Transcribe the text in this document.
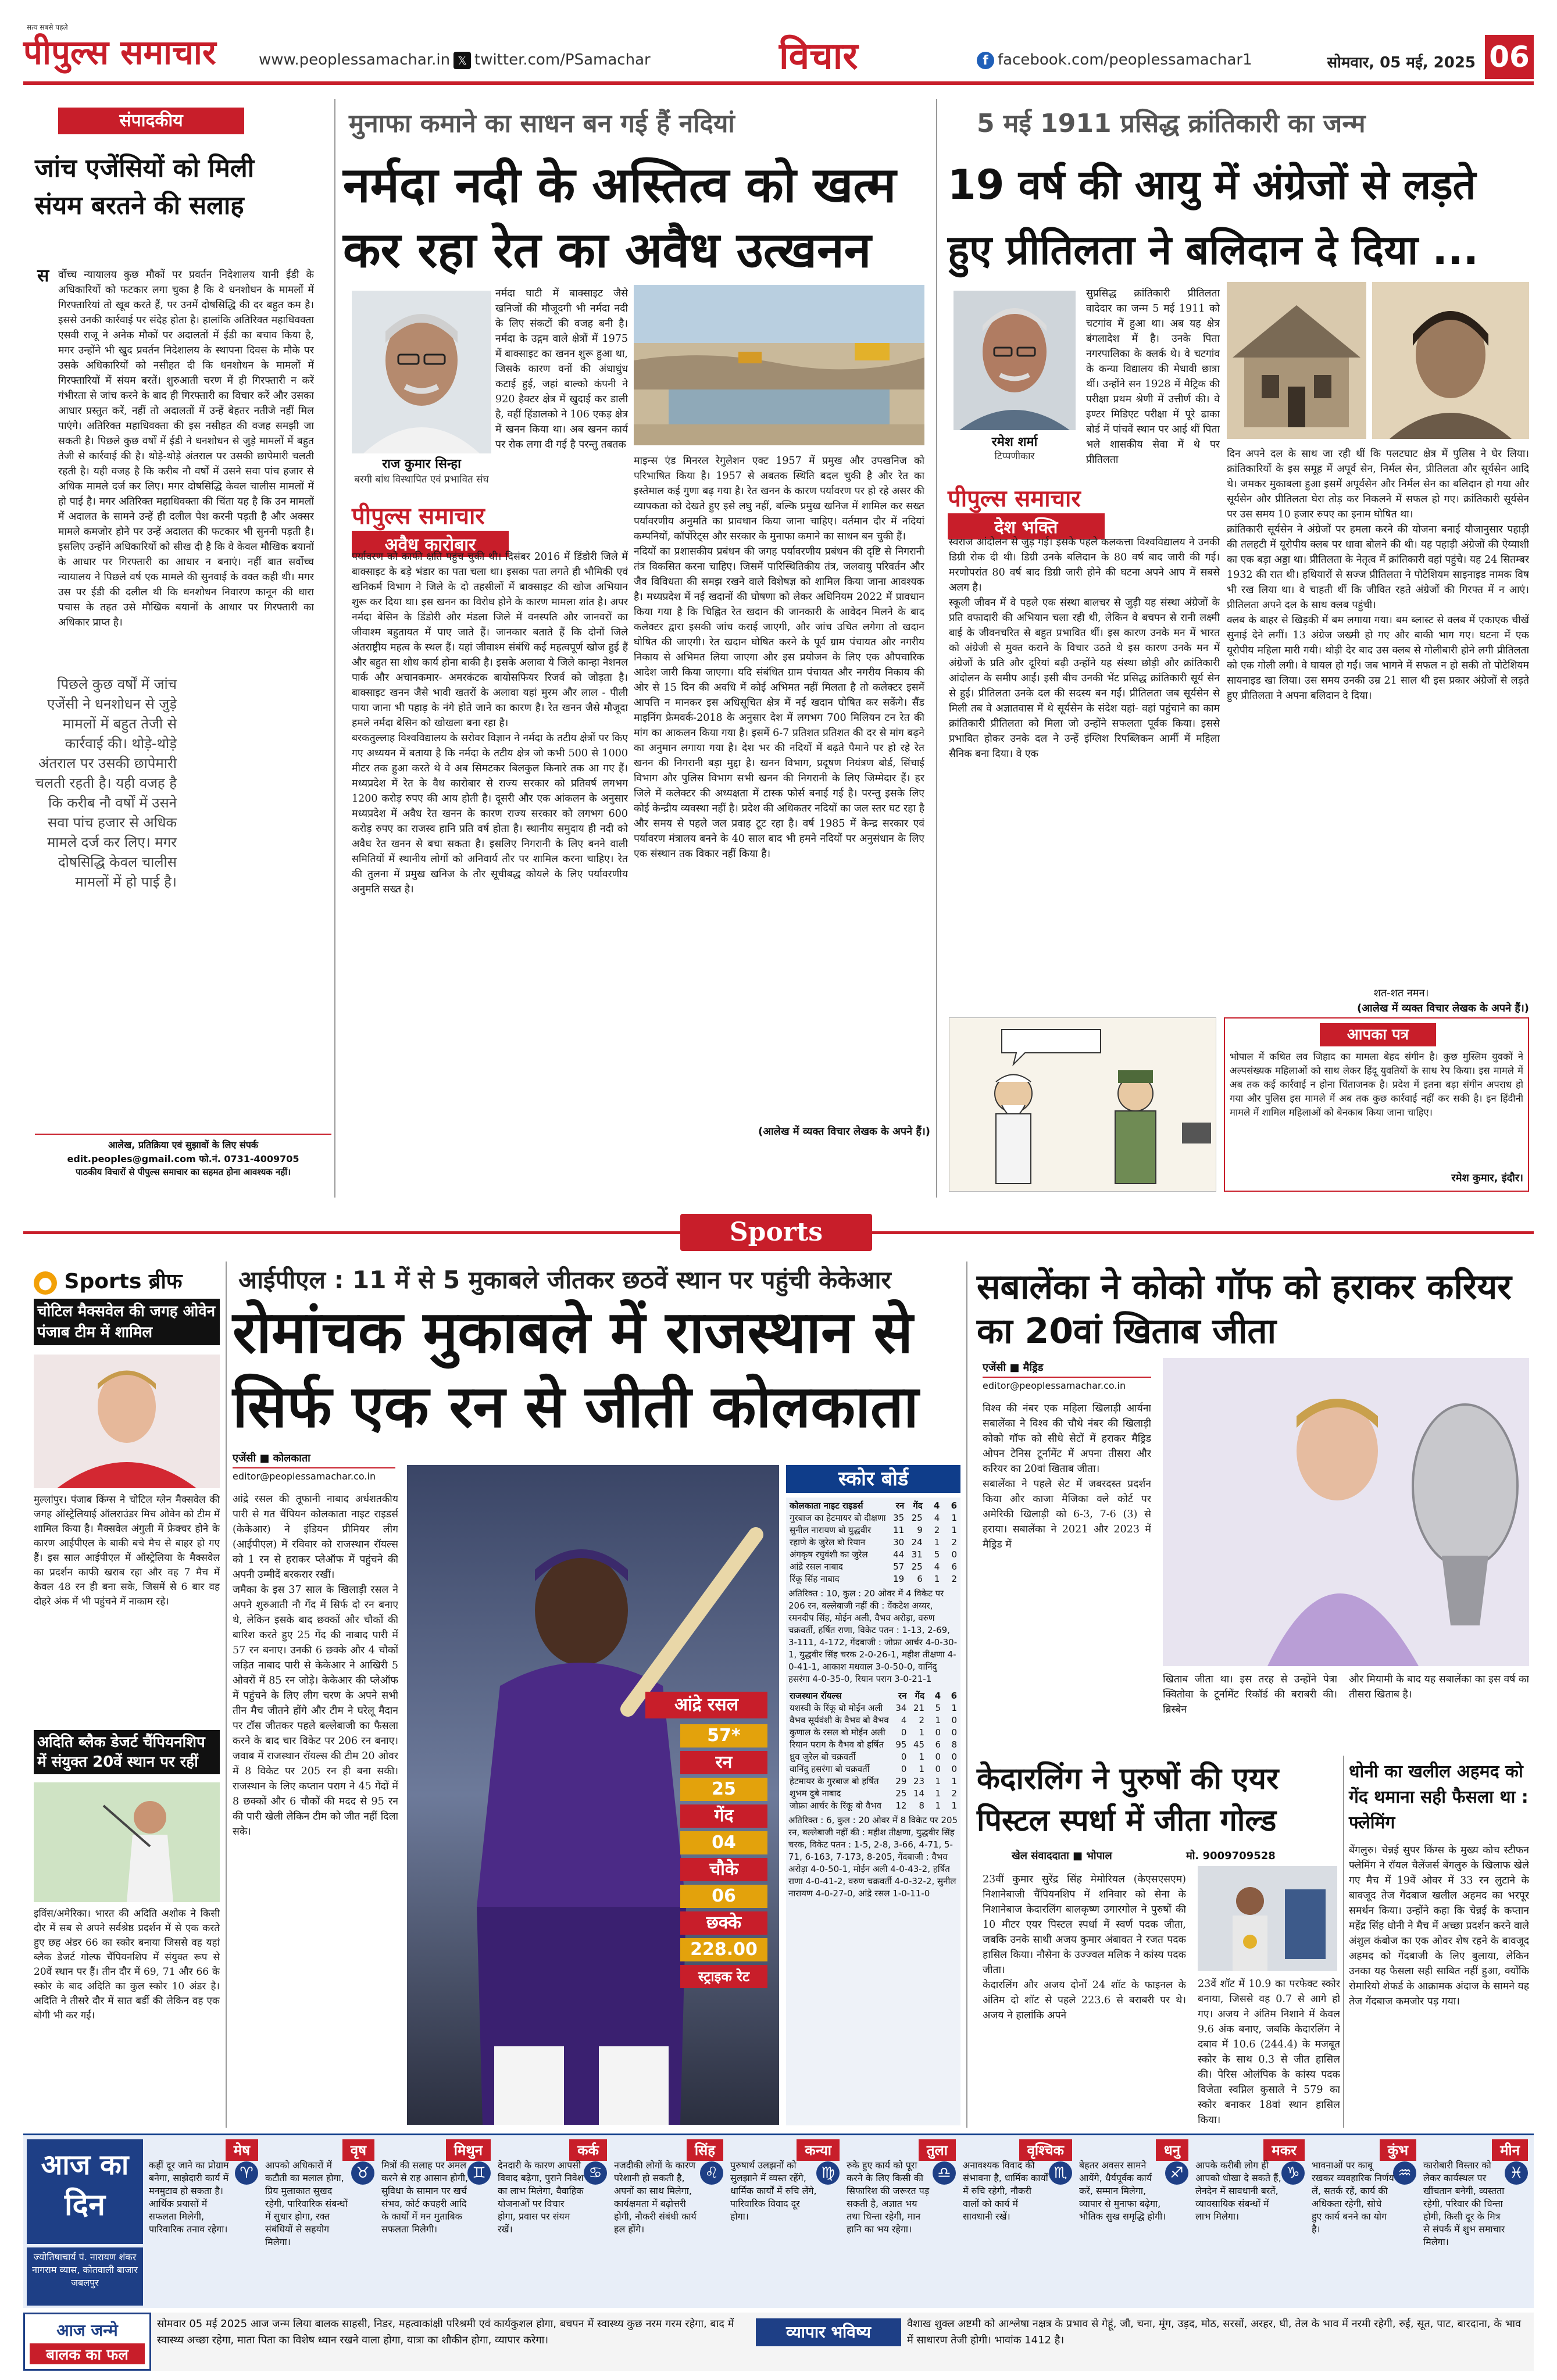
सत्य सबसे पहले
पीपुल्स समाचार	www.peoplessamachar.in 𝕏 twitter.com/PSamachar	विचार	f facebook.com/peoplessamachar1	सोमवार, 05 मई, 2025 06
संपादकीय
जांच एजेंसियों को मिली संयम बरतने की सलाह
स र्वोच्च न्यायालय कुछ मौकों पर प्रवर्तन निदेशालय यानी ईडी के अधिकारियों को फटकार लगा चुका है कि वे धनशोधन के मामलों में गिरफ्तारियां तो खूब करते हैं, पर उनमें दोषसिद्धि की दर बहुत कम है। इससे उनकी कार्रवाई पर संदेह होता है। हालांकि अतिरिक्त महाधिवक्ता एसवी राजू ने अनेक मौकों पर अदालतों में ईडी का बचाव किया है, मगर उन्होंने भी खुद प्रवर्तन निदेशालय के स्थापना दिवस के मौके पर उसके अधिकारियों को नसीहत दी कि धनशोधन के मामलों में गिरफ्तारियों में संयम बरतें। शुरुआती चरण में ही गिरफ्तारी न करें गंभीरता से जांच करने के बाद ही गिरफ्तारी का विचार करें और उसका आधार प्रस्तुत करें, नहीं तो अदालतों में उन्हें बेहतर नतीजे नहीं मिल पाएंगे। अतिरिक्त महाधिवक्ता की इस नसीहत की वजह समझी जा सकती है। पिछले कुछ वर्षों में ईडी ने धनशोधन से जुड़े मामलों में बहुत तेजी से कार्रवाई की है। थोड़े-थोड़े अंतराल पर उसकी छापेमारी चलती रहती है। यही वजह है कि करीब नौ वर्षों में उसने सवा पांच हजार से अधिक मामले दर्ज कर लिए। मगर दोषसिद्धि केवल चालीस मामलों में हो पाई है। मगर अतिरिक्त महाधिवक्ता की चिंता यह है कि उन मामलों में अदालत के सामने उन्हें ही दलील पेश करनी पड़ती है और अक्सर मामले कमजोर होने पर उन्हें अदालत की फटकार भी सुननी पड़ती है। इसलिए उन्होंने अधिकारियों को सीख दी है कि वे केवल मौखिक बयानों के आधार पर गिरफ्तारी का आधार न बनाएं। नहीं बात सर्वोच्च न्यायालय ने पिछले वर्ष एक मामले की सुनवाई के वक्त कही थी। मगर उस पर ईडी की दलील थी कि धनशोधन निवारण कानून की धारा पचास के तहत उसे मौखिक बयानों के आधार पर गिरफ्तारी का अधिकार प्राप्त है।
पिछले कुछ वर्षों में जांच एजेंसी ने धनशोधन से जुड़े मामलों में बहुत तेजी से कार्रवाई की। थोड़े-थोड़े अंतराल पर उसकी छापेमारी चलती रहती है। यही वजह है कि करीब नौ वर्षों में उसने सवा पांच हजार से अधिक मामले दर्ज कर लिए। मगर दोषसिद्धि केवल चालीस मामलों में हो पाई है।
आलेख, प्रतिक्रिया एवं सुझावों के लिए संपर्क
edit.peoples@gmail.com फो.नं. 0731-4009705
पाठकीय विचारों से पीपुल्स समाचार का सहमत होना आवश्यक नहीं।
मुनाफा कमाने का साधन बन गई हैं नदियां
नर्मदा नदी के अस्तित्व को खत्म कर रहा रेत का अवैध उत्खनन
राज कुमार सिन्हा
बरगी बांध विस्थापित एवं प्रभावित संघ
पीपुल्स समाचार
अवैध कारोबार
नर्मदा घाटी में बाक्साइट जैसे खनिजों की मौजूदगी भी नर्मदा नदी के लिए संकटों की वजह बनी है। नर्मदा के उद्गम वाले क्षेत्रों में 1975 में बाक्साइट का खनन शुरू हुआ था, जिसके कारण वनों की अंधाधुंध कटाई हुई, जहां बाल्को कंपनी ने 920 हैक्टर क्षेत्र में खुदाई कर डाली है, वहीं हिंडालको ने 106 एकड़ क्षेत्र में खनन किया था। अब खनन कार्य पर रोक लगा दी गई है परन्तु तबतक
पर्यावरण को काफी क्षति पहुंच चुकी थी। दिसंबर 2016 में डिंडोरी जिले में बाक्साइट के बड़े भंडार का पता चला था। इसका पता लगते ही भौमिकी एवं खनिकर्म विभाग ने जिले के दो तहसीलों में बाक्साइट की खोज अभियान शुरू कर दिया था। इस खनन का विरोध होने के कारण मामला शांत है। अपर नर्मदा बेसिन के डिंडोरी और मंडला जिले में वनस्पति और जानवरों का जीवाश्म बहुतायत में पाए जाते हैं। जानकार बताते हैं कि दोनों जिले अंतराष्ट्रीय महत्व के स्थल हैं। यहां जीवाश्म संबंधि कई महत्वपूर्ण खोज हुई हैं और बहुत सा शोध कार्य होना बाकी है। इसके अलावा ये जिले कान्हा नेशनल पार्क और अचानकमार- अमरकंटक बायोसफियर रिजर्व को जोड़ता है। बाक्साइट खनन जैसे भावी खतरों के अलावा यहां मुरम और लाल - पीली पाया जाना भी पहाड़ के नंगे होते जाने का कारण है। रेत खनन जैसे मौजूदा हमले नर्मदा बेसिन को खोखला बना रहा है।
बरकतुल्लाह विश्वविद्यालय के सरोवर विज्ञान ने नर्मदा के तटीय क्षेत्रों पर किए गए अध्ययन में बताया है कि नर्मदा के तटीय क्षेत्र जो कभी 500 से 1000 मीटर तक हुआ करते थे वे अब सिमटकर बिलकुल किनारे तक आ गए हैं। मध्यप्रदेश में रेत के वैध कारोबार से राज्य सरकार को प्रतिवर्ष लगभग 1200 करोड़ रुपए की आय होती है। दूसरी और एक आंकलन के अनुसार मध्यप्रदेश में अवैध रेत खनन के कारण राज्य सरकार को लगभग 600 करोड़ रुपए का राजस्व हानि प्रति वर्ष होता है। स्थानीय समुदाय ही नदी को अवैध रेत खनन से बचा सकता है। इसलिए निगरानी के लिए बनने वाली समितियों में स्थानीय लोगों को अनिवार्य तौर पर शामिल करना चाहिए। रेत की तुलना में प्रमुख खनिज के तौर सूचीबद्ध कोयले के लिए पर्यावरणीय अनुमति सख्त है।
माइन्स एंड मिनरल रेगुलेशन एक्ट 1957 में प्रमुख और उपखनिज को परिभाषित किया है। 1957 से अबतक स्थिति बदल चुकी है और रेत का इस्तेमाल कई गुणा बढ़ गया है। रेत खनन के कारण पर्यावरण पर हो रहे असर की व्यापकता को देखते हुए इसे लघु नहीं, बल्कि प्रमुख खनिज में शामिल कर सख्त पर्यावरणीय अनुमति का प्रावधान किया जाना चाहिए। वर्तमान दौर में नदियां कम्पनियों, कॉर्पोरेट्स और सरकार के मुनाफा कमाने का साधन बन चुकी हैं।
नदियों का प्रशासकीय प्रबंधन की जगह पर्यावरणीय प्रबंधन की दृष्टि से निगरानी तंत्र विकसित करना चाहिए। जिसमें पारिस्थितिकीय तंत्र, जलवायु परिवर्तन और जैव विविधता की समझ रखने वाले विशेषज्ञ को शामिल किया जाना आवश्यक है। मध्यप्रदेश में नई खदानों की घोषणा को लेकर अधिनियम 2022 में प्रावधान किया गया है कि चिह्नित रेत खदान की जानकारी के आवेदन मिलने के बाद कलेक्टर द्वारा इसकी जांच कराई जाएगी, और जांच उचित लगेगा तो खदान घोषित की जाएगी। रेत खदान घोषित करने के पूर्व ग्राम पंचायत और नगरीय निकाय से अभिमत लिया जाएगा और इस प्रयोजन के लिए एक औपचारिक आदेश जारी किया जाएगा। यदि संबंधित ग्राम पंचायत और नगरीय निकाय की ओर से 15 दिन की अवधि में कोई अभिमत नहीं मिलता है तो कलेक्टर इसमें आपत्ति न मानकर इस अधिसूचित क्षेत्र में नई खदान घोषित कर सकेंगे। सैंड माइनिंग फ्रेमवर्क-2018 के अनुसार देश में लगभग 700 मिलियन टन रेत की मांग का आकलन किया गया है। इसमें 6-7 प्रतिशत प्रतिशत की दर से मांग बढ़ने का अनुमान लगाया गया है। देश भर की नदियों में बढ़ते पैमाने पर हो रहे रेत खनन की निगरानी बड़ा मुद्दा है। खनन विभाग, प्रदूषण नियंत्रण बोर्ड, सिंचाई विभाग और पुलिस विभाग सभी खनन की निगरानी के लिए जिम्मेदार हैं। हर जिले में कलेक्टर की अध्यक्षता में टास्क फोर्स बनाई गई है। परन्तु इसके लिए कोई केन्द्रीय व्यवस्था नहीं है। प्रदेश की अधिकतर नदियों का जल स्तर घट रहा है और समय से पहले जल प्रवाह टूट रहा है। वर्ष 1985 में केन्द्र सरकार एवं पर्यावरण मंत्रालय बनने के 40 साल बाद भी हमने नदियों पर अनुसंधान के लिए एक संस्थान तक विकार नहीं किया है।
(आलेख में व्यक्त विचार लेखक के अपने हैं।)
5 मई 1911 प्रसिद्ध क्रांतिकारी का जन्म
19 वर्ष की आयु में अंग्रेजों से लड़ते हुए प्रीतिलता ने बलिदान दे दिया ...
रमेश शर्मा
टिप्पणीकार
पीपुल्स समाचार
देश भक्ति
सुप्रसिद्ध क्रांतिकारी प्रीतिलता वादेदार का जन्म 5 मई 1911 को चटगांव में हुआ था। अब यह क्षेत्र बंगलादेश में है। उनके पिता नगरपालिका के क्लर्क थे। वे चटगांव के कन्या विद्यालय की मेधावी छात्रा थीं। उन्होंने सन 1928 में मैट्रिक की परीक्षा प्रथम श्रेणी में उत्तीर्ण की। वे इण्टर मिडिएट परीक्षा में पूरे ढाका बोर्ड में पांचवें स्थान पर आई थीं पिता भले शासकीय सेवा में थे पर प्रीतिलता
स्वराज आंदोलन से जुड़ गई। इसके पहले कलकत्ता विश्वविद्यालय ने उनकी डिग्री रोक दी थी। डिग्री उनके बलिदान के 80 वर्ष बाद जारी की गई। मरणोपरांत 80 वर्ष बाद डिग्री जारी होने की घटना अपने आप में सबसे अलग है।
स्कूली जीवन में वे पहले एक संस्था बालचर से जुड़ी यह संस्था अंग्रेजों के प्रति वफादारी की अभियान चला रही थी, लेकिन वे बचपन से रानी लक्ष्मी बाई के जीवनचरित से बहुत प्रभावित थीं। इस कारण उनके मन में भारत को अंग्रेजी से मुक्त कराने के विचार उठते थे इस कारण उनके मन में अंग्रेजों के प्रति और दूरियां बढ़ी उन्होंने यह संस्था छोड़ी और क्रांतिकारी आंदोलन के समीप आईं। इसी बीच उनकी भेंट प्रसिद्ध क्रांतिकारी सूर्य सेन से हुई। प्रीतिलता उनके दल की सदस्य बन गईं। प्रीतिलता जब सूर्यसेन से मिली तब वे अज्ञातवास में थे सूर्यसेन के संदेश यहां- वहां पहुंचाने का काम क्रांतिकारी प्रीतिलता को मिला जो उन्होंने सफलता पूर्वक किया। इससे प्रभावित होकर उनके दल ने उन्हें इंग्लिश रिपब्लिकन आर्मी में महिला सैनिक बना दिया। वे एक
दिन अपने दल के साथ जा रही थीं कि पलटघाट क्षेत्र में पुलिस ने घेर लिया। क्रांतिकारियों के इस समूह में अपूर्व सेन, निर्मल सेन, प्रीतिलता और सूर्यसेन आदि थे। जमकर मुकाबला हुआ इसमें अपूर्वसेन और निर्मल सेन का बलिदान हो गया और सूर्यसेन और प्रीतिलता घेरा तोड़ कर निकलने में सफल हो गए। क्रांतिकारी सूर्यसेन पर उस समय 10 हजार रुपए का इनाम घोषित था।
क्रांतिकारी सूर्यसेन ने अंग्रेजों पर हमला करने की योजना बनाई यौजानुसार पहाड़ी की तलहटी में यूरोपीय क्लब पर धावा बोलने की थी। यह पहाड़ी अंग्रेजों की ऐय्याशी का एक बड़ा अड्डा था। प्रीतिलता के नेतृत्व में क्रांतिकारी वहां पहुंचे। यह 24 सितम्बर 1932 की रात थी। हथियारों से सज्ज प्रीतिलता ने पोटेशियम साइनाइड नामक विष भी रख लिया था। वे चाहती थीं कि जीवित रहते अंग्रेजों की गिरफ्त में न आएं। प्रीतिलता अपने दल के साथ क्लब पहुंची।
क्लब के बाहर से खिड़की में बम लगाया गया। बम ब्लास्ट से क्लब में एकाएक चीखें सुनाई देने लगीं। 13 अंग्रेज जख्मी हो गए और बाकी भाग गए। घटना में एक यूरोपीय महिला मारी गयी। थोड़ी देर बाद उस क्लब से गोलीबारी होने लगी प्रीतिलता को एक गोली लगी। वे घायल हो गईं। जब भागने में सफल न हो सकी तो पोटेशियम सायनाइड खा लिया। उस समय उनकी उम्र 21 साल थी इस प्रकार अंग्रेजों से लड़ते हुए प्रीतिलता ने अपना बलिदान दे दिया।
शत-शत नमन।
(आलेख में व्यक्त विचार लेखक के अपने हैं।)
आपका पत्र
भोपाल में कथित लव जिहाद का मामला बेहद संगीन है। कुछ मुस्लिम युवकों ने अल्पसंख्यक महिलाओं को साथ लेकर हिंदू युवतियों के साथ रेप किया। इस मामले में अब तक कई कार्रवाई न होना चिंताजनक है। प्रदेश में इतना बड़ा संगीन अपराध हो गया और पुलिस इस मामले में अब तक कुछ कार्रवाई नहीं कर सकी है। इन हिंदीनी मामले में शामिल महिलाओं को बेनकाब किया जाना चाहिए।
रमेश कुमार, इंदौर।
Sports
● Sports ब्रीफ
चोटिल मैक्सवेल की जगह ओवेन पंजाब टीम में शामिल
मुल्लांपुर। पंजाब किंग्स ने चोटिल ग्लेन मैक्सवेल की जगह ऑस्ट्रेलियाई ऑलराउंडर मिच ओवेन को टीम में शामिल किया है। मैक्सवेल अंगुली में फ्रेक्चर होने के कारण आईपीएल के बाकी बचे मैच से बाहर हो गए हैं। इस साल आईपीएल में ऑस्ट्रेलिया के मैक्सवेल का प्रदर्शन काफी खराब रहा और वह 7 मैच में केवल 48 रन ही बना सके, जिसमें से 6 बार वह दोहरे अंक में भी पहुंचने में नाकाम रहे।
अदिति ब्लैक डेजर्ट चैंपियनशिप में संयुक्त 20वें स्थान पर रहीं
इविंस/अमेरिका। भारत की अदिति अशोक ने किसी दौर में सब से अपने सर्वश्रेष्ठ प्रदर्शन में से एक करते हुए छह अंडर 66 का स्कोर बनाया जिससे वह यहां ब्लैक डेजर्ट गोल्फ चैंपियनशिप में संयुक्त रूप से 20वें स्थान पर हैं। तीन दौर में 69, 71 और 66 के स्कोर के बाद अदिति का कुल स्कोर 10 अंडर है। अदिति ने तीसरे दौर में सात बर्डी की लेकिन वह एक बोगी भी कर गईं।
आईपीएल : 11 में से 5 मुकाबले जीतकर छठवें स्थान पर पहुंची केकेआर
रोमांचक मुकाबले में राजस्थान से सिर्फ एक रन से जीती कोलकाता
एजेंसी ■ कोलकाता
editor@peoplessamachar.co.in
आंद्रे रसल की तूफानी नाबाद अर्धशतकीय पारी से गत चैंपियन कोलकाता नाइट राइडर्स (केकेआर) ने इंडियन प्रीमियर लीग (आईपीएल) में रविवार को राजस्थान रॉयल्स को 1 रन से हराकर प्लेऑफ में पहुंचने की अपनी उम्मीदें बरकरार रखीं।
जमैका के इस 37 साल के खिलाड़ी रसल ने अपने शुरुआती नौ गेंद में सिर्फ दो रन बनाए थे, लेकिन इसके बाद छक्कों और चौकों की बारिश करते हुए 25 गेंद की नाबाद पारी में 57 रन बनाए। उनकी 6 छक्के और 4 चौकों जड़ित नाबाद पारी से केकेआर ने आखिरी 5 ओवरों में 85 रन जोड़े। केकेआर की प्लेऑफ में पहुंचने के लिए लीग चरण के अपने सभी तीन मैच जीतने होंगे और टीम ने घरेलू मैदान पर टॉस जीतकर पहले बल्लेबाजी का फैसला करने के बाद चार विकेट पर 206 रन बनाए। जवाब में राजस्थान रॉयल्स की टीम 20 ओवर में 8 विकेट पर 205 रन ही बना सकी। राजस्थान के लिए कप्तान पराग ने 45 गेंदों में 8 छक्कों और 6 चौकों की मदद से 95 रन की पारी खेली लेकिन टीम को जीत नहीं दिला सके।
आंद्रे रसल
57*
रन
25
गेंद
04
चौके
06
छक्के
228.00
स्ट्राइक रेट
स्कोर बोर्ड
कोलकाता नाइट राइडर्स	रन	गेंद	4	6
गुरबाज का हेटमायर बो दीक्षणा	35	25	4	1
सुनील नारायण बो युद्धवीर	11	9	2	1
रहाणे के जुरेल बो रियान	30	24	1	2
अंगकृष रघुवंशी का जुरेल	44	31	5	0
आंद्रे रसल नाबाद	57	25	4	6
रिंकू सिंह नाबाद	19	6	1	2
अतिरिक्त : 10, कुल : 20 ओवर में 4 विकेट पर 206 रन, बल्लेबाजी नहीं की : वेंकटेश अय्यर, रमनदीप सिंह, मोईन अली, वैभव अरोड़ा, वरुण चक्रवर्ती, हर्षित राणा, विकेट पतन : 1-13, 2-69, 3-111, 4-172, गेंदबाजी : जोफ्रा आर्चर 4-0-30-1, युद्धवीर सिंह चरक 2-0-26-1, महीश तीक्षणा 4-0-41-1, आकाश मधवाल 3-0-50-0, वानिंदु हसरंगा 4-0-35-0, रियान पराग 3-0-21-1
राजस्थान रॉयल्स	रन	गेंद	4	6
यशस्वी के रिंकू बो मोईन अली	34	21	5	1
वैभव सूर्यवंशी के वैभव बो वैभव	4	2	1	0
कुणाल के रसल बो मोईन अली	0	1	0	0
रियान पराग के वैभव बो हर्षित	95	45	6	8
ध्रुव जुरेल बो चक्रवर्ती	0	1	0	0
वानिंदु हसरंगा बो चक्रवर्ती	0	1	0	0
हेटमायर के गुरबाज बो हर्षित	29	23	1	1
शुभम दुबे नाबाद	25	14	1	2
जोफ्रा आर्चर के रिंकू बो वैभव	12	8	1	1
अतिरिक्त : 6, कुल : 20 ओवर में 8 विकेट पर 205 रन, बल्लेबाजी नहीं की : महीश तीक्षणा, युद्धवीर सिंह चरक, विकेट पतन : 1-5, 2-8, 3-66, 4-71, 5-71, 6-163, 7-173, 8-205, गेंदबाजी : वैभव अरोड़ा 4-0-50-1, मोईन अली 4-0-43-2, हर्षित राणा 4-0-41-2, वरुण चक्रवर्ती 4-0-32-2, सुनील नारायण 4-0-27-0, आंद्रे रसल 1-0-11-0
सबालेंका ने कोको गॉफ को हराकर करियर का 20वां खिताब जीता
एजेंसी ■ मैड्रिड
editor@peoplessamachar.co.in
विश्व की नंबर एक महिला खिलाड़ी आर्यना सबालेंका ने विश्व की चौथे नंबर की खिलाड़ी कोको गॉफ को सीधे सेटों में हराकर मैड्रिड ओपन टेनिस टूर्नामेंट में अपना तीसरा और करियर का 20वां खिताब जीता।
सबालेंका ने पहले सेट में जबरदस्त प्रदर्शन किया और काजा मैजिका क्ले कोर्ट पर अमेरिकी खिलाड़ी को 6-3, 7-6 (3) से हराया। सबालेंका ने 2021 और 2023 में मैड्रिड में
खिताब जीता था। इस तरह से उन्होंने पेत्रा क्वितोवा के टूर्नामेंट रिकॉर्ड की बराबरी की। ब्रिस्बेन
और मियामी के बाद यह सबालेंका का इस वर्ष का तीसरा खिताब है।
केदारलिंग ने पुरुषों की एयर पिस्टल स्पर्धा में जीता गोल्ड
खेल संवाददाता ■ भोपाल	मो. 9009709528
23वीं कुमार सुरेंद्र सिंह मेमोरियल (केएसएसएम) निशानेबाजी चैंपियनशिप में शनिवार को सेना के निशानेबाज केदारलिंग बालकृष्ण उगारगोल ने पुरुषों की 10 मीटर एयर पिस्टल स्पर्धा में स्वर्ण पदक जीता, जबकि उनके साथी अजय कुमार अंबावत ने रजत पदक हासिल किया। नौसेना के उज्ज्वल मलिक ने कांस्य पदक जीता।
केदारलिंग और अजय दोनों 24 शॉट के फाइनल के अंतिम दो शॉट से पहले 223.6 से बराबरी पर थे। अजय ने हालांकि अपने
23वें शॉट में 10.9 का परफेक्ट स्कोर बनाया, जिससे वह 0.7 से आगे हो गए। अजय ने अंतिम निशाने में केवल 9.6 अंक बनाए, जबकि केदारलिंग ने दबाव में 10.6 (244.4) के मजबूत स्कोर के साथ 0.3 से जीत हासिल की। पेरिस ओलंपिक के कांस्य पदक विजेता स्वप्निल कुसाले ने 579 का स्कोर बनाकर 18वां स्थान हासिल किया।
धोनी का खलील अहमद को गेंद थमाना सही फैसला था : फ्लेमिंग
बेंगलुरु। चेन्नई सुपर किंग्स के मुख्य कोच स्टीफन फ्लेमिंग ने रॉयल चैलेंजर्स बेंगलुरु के खिलाफ खेले गए मैच में 19वें ओवर में 33 रन लुटाने के बावजूद तेज गेंदबाज खलील अहमद का भरपूर समर्थन किया। उन्होंने कहा कि चेन्नई के कप्तान महेंद्र सिंह धोनी ने मैच में अच्छा प्रदर्शन करने वाले अंशुल कंबोज का एक ओवर शेष रहने के बावजूद अहमद को गेंदबाजी के लिए बुलाया, लेकिन उनका यह फैसला सही साबित नहीं हुआ, क्योंकि रोमारियो शेफर्ड के आक्रामक अंदाज के सामने यह तेज गेंदबाज कमजोर पड़ गया।
आज का
दिन
ज्योतिषाचार्य पं. नारायण शंकर नागराम व्यास, कोतवाली बाजार जबलपुर
मेष
♈
कहीं दूर जाने का प्रोग्राम बनेगा, साझेदारी कार्य में मनमुटाव हो सकता है। आर्थिक प्रयासों में सफलता मिलेगी, पारिवारिक तनाव रहेगा।
वृष
♉
आपको अधिकारों में कटौती का मलाल होगा, प्रिय मुलाकात सुखद रहेगी, पारिवारिक संबन्धों में सुधार होगा, रक्त संबंधियों से सहयोग मिलेगा।
मिथुन
♊
मित्रों की सलाह पर अमल करने से राह आसान होगी, सुविधा के सामान पर खर्च संभव, कोर्ट कचहरी आदि के कार्यों में मन मुताबिक सफलता मिलेगी।
कर्क
♋
देनदारी के कारण आपसी विवाद बढ़ेगा, पुराने निवेश का लाभ मिलेगा, वैवाहिक योजनाओं पर विचार होगा, प्रवास पर संयम रखें।
सिंह
♌
नजदीकी लोगों के कारण परेशानी हो सकती है, अपनों का साथ मिलेगा, कार्यक्षमता में बढ़ोत्तरी होगी, नौकरी संबंधी कार्य हल होंगे।
कन्या
♍
पुरुषार्थ उलझनों को सुलझाने में व्यस्त रहेंगे, धार्मिक कार्यों में रुचि लेंगे, पारिवारिक विवाद दूर होगा।
तुला
♎
रुके हुए कार्य को पूरा करने के लिए किसी की सिफारिश की जरूरत पड़ सकती है, अज्ञात भय तथा चिन्ता रहेगी, मान हानि का भय रहेगा।
वृश्चिक
♏
अनावश्यक विवाद की संभावना है, धार्मिक कार्यों में रुचि रहेगी, नौकरी वालों को कार्य में सावधानी रखें।
धनु
♐
बेहतर अवसर सामने आयेंगे, धैर्यपूर्वक कार्य करें, सम्मान मिलेगा, व्यापार से मुनाफा बढ़ेगा, भौतिक सुख समृद्धि होगी।
मकर
♑
आपके करीबी लोग ही आपको धोखा दे सकते हैं, लेनदेन में सावधानी बरतें, व्यावसायिक संबन्धों में लाभ मिलेगा।
कुंभ
♒
भावनाओं पर काबू रखकर व्यवहारिक निर्णय लें, सतर्क रहें, कार्य की अधिकता रहेगी, सोचे हुए कार्य बनने का योग है।
मीन
♓
कारोबारी विस्तार को लेकर कार्यस्थल पर खींचतान बनेगी, व्यस्तता रहेगी, परिवार की चिन्ता होगी, किसी दूर के मित्र से संपर्क में शुभ समाचार मिलेगा।
आज जन्मे
बालक का फल
सोमवार 05 मई 2025 आज जन्म लिया बालक साहसी, निडर, महत्वाकांक्षी परिश्रमी एवं कार्यकुशल होगा, बचपन में स्वास्थ्य कुछ नरम गरम रहेगा, बाद में स्वास्थ्य अच्छा रहेगा, माता पिता का विशेष ध्यान रखने वाला होगा, यात्रा का शौकीन होगा, व्यापार करेगा।	व्यापार भविष्य	वैशाख शुक्ल अष्टमी को आश्लेषा नक्षत्र के प्रभाव से गेहूं, जौ, चना, मूंग, उड़द, मोठ, सरसों, अरहर, घी, तेल के भाव में नरमी रहेगी, रुई, सूत, पाट, बारदाना, के भाव में साधारण तेजी होगी। भावांक 1412 है।
